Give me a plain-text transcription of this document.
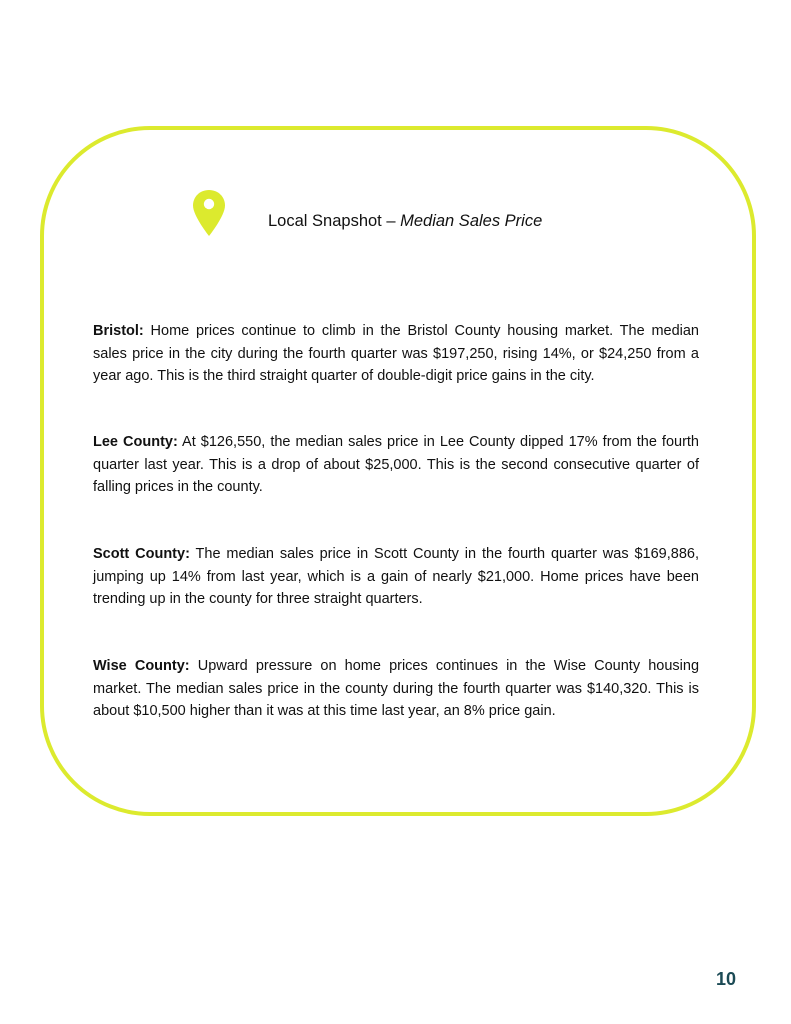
Local Snapshot – Median Sales Price

Bristol: Home prices continue to climb in the Bristol County housing market. The median sales price in the city during the fourth quarter was $197,250, rising 14%, or $24,250 from a year ago. This is the third straight quarter of double-digit price gains in the city.

Lee County: At $126,550, the median sales price in Lee County dipped 17% from the fourth quarter last year. This is a drop of about $25,000. This is the second consecutive quarter of falling prices in the county.

Scott County: The median sales price in Scott County in the fourth quarter was $169,886, jumping up 14% from last year, which is a gain of nearly $21,000. Home prices have been trending up in the county for three straight quarters.

Wise County: Upward pressure on home prices continues in the Wise County housing market. The median sales price in the county during the fourth quarter was $140,320. This is about $10,500 higher than it was at this time last year, an 8% price gain.

10
